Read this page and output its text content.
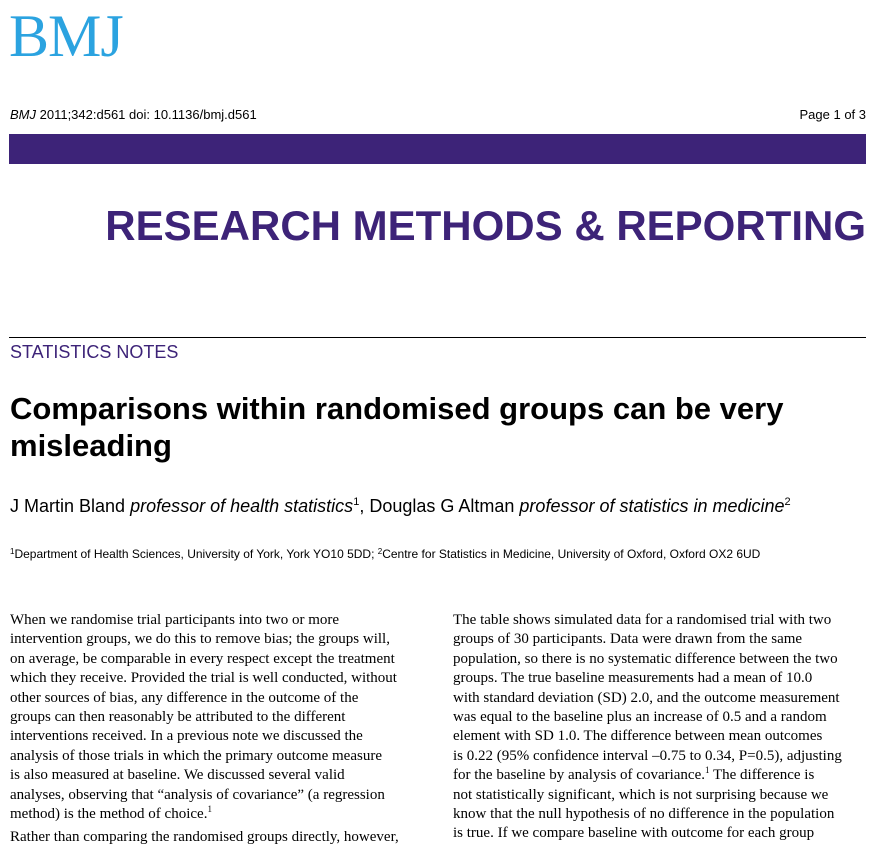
BMJ
BMJ 2011;342:d561 doi: 10.1136/bmj.d561	Page 1 of 3
RESEARCH METHODS & REPORTING
STATISTICS NOTES
Comparisons within randomised groups can be very misleading
J Martin Bland professor of health statistics$^1$, Douglas G Altman professor of statistics in medicine$^2$
$^1$Department of Health Sciences, University of York, York YO10 5DD; $^2$Centre for Statistics in Medicine, University of Oxford, Oxford OX2 6UD

When we randomise trial participants into two or more
intervention groups, we do this to remove bias; the groups will,
on average, be comparable in every respect except the treatment
which they receive. Provided the trial is well conducted, without
other sources of bias, any difference in the outcome of the
groups can then reasonably be attributed to the different
interventions received. In a previous note we discussed the
analysis of those trials in which the primary outcome measure
is also measured at baseline. We discussed several valid
analyses, observing that “analysis of covariance” (a regression
method) is the method of choice.$^1$

Rather than comparing the randomised groups directly, however,

The table shows simulated data for a randomised trial with two
groups of 30 participants. Data were drawn from the same
population, so there is no systematic difference between the two
groups. The true baseline measurements had a mean of 10.0
with standard deviation (SD) 2.0, and the outcome measurement
was equal to the baseline plus an increase of 0.5 and a random
element with SD 1.0. The difference between mean outcomes
is 0.22 (95% confidence interval –0.75 to 0.34, P=0.5), adjusting
for the baseline by analysis of covariance.$^1$ The difference is
not statistically significant, which is not surprising because we
know that the null hypothesis of no difference in the population
is true. If we compare baseline with outcome for each group
